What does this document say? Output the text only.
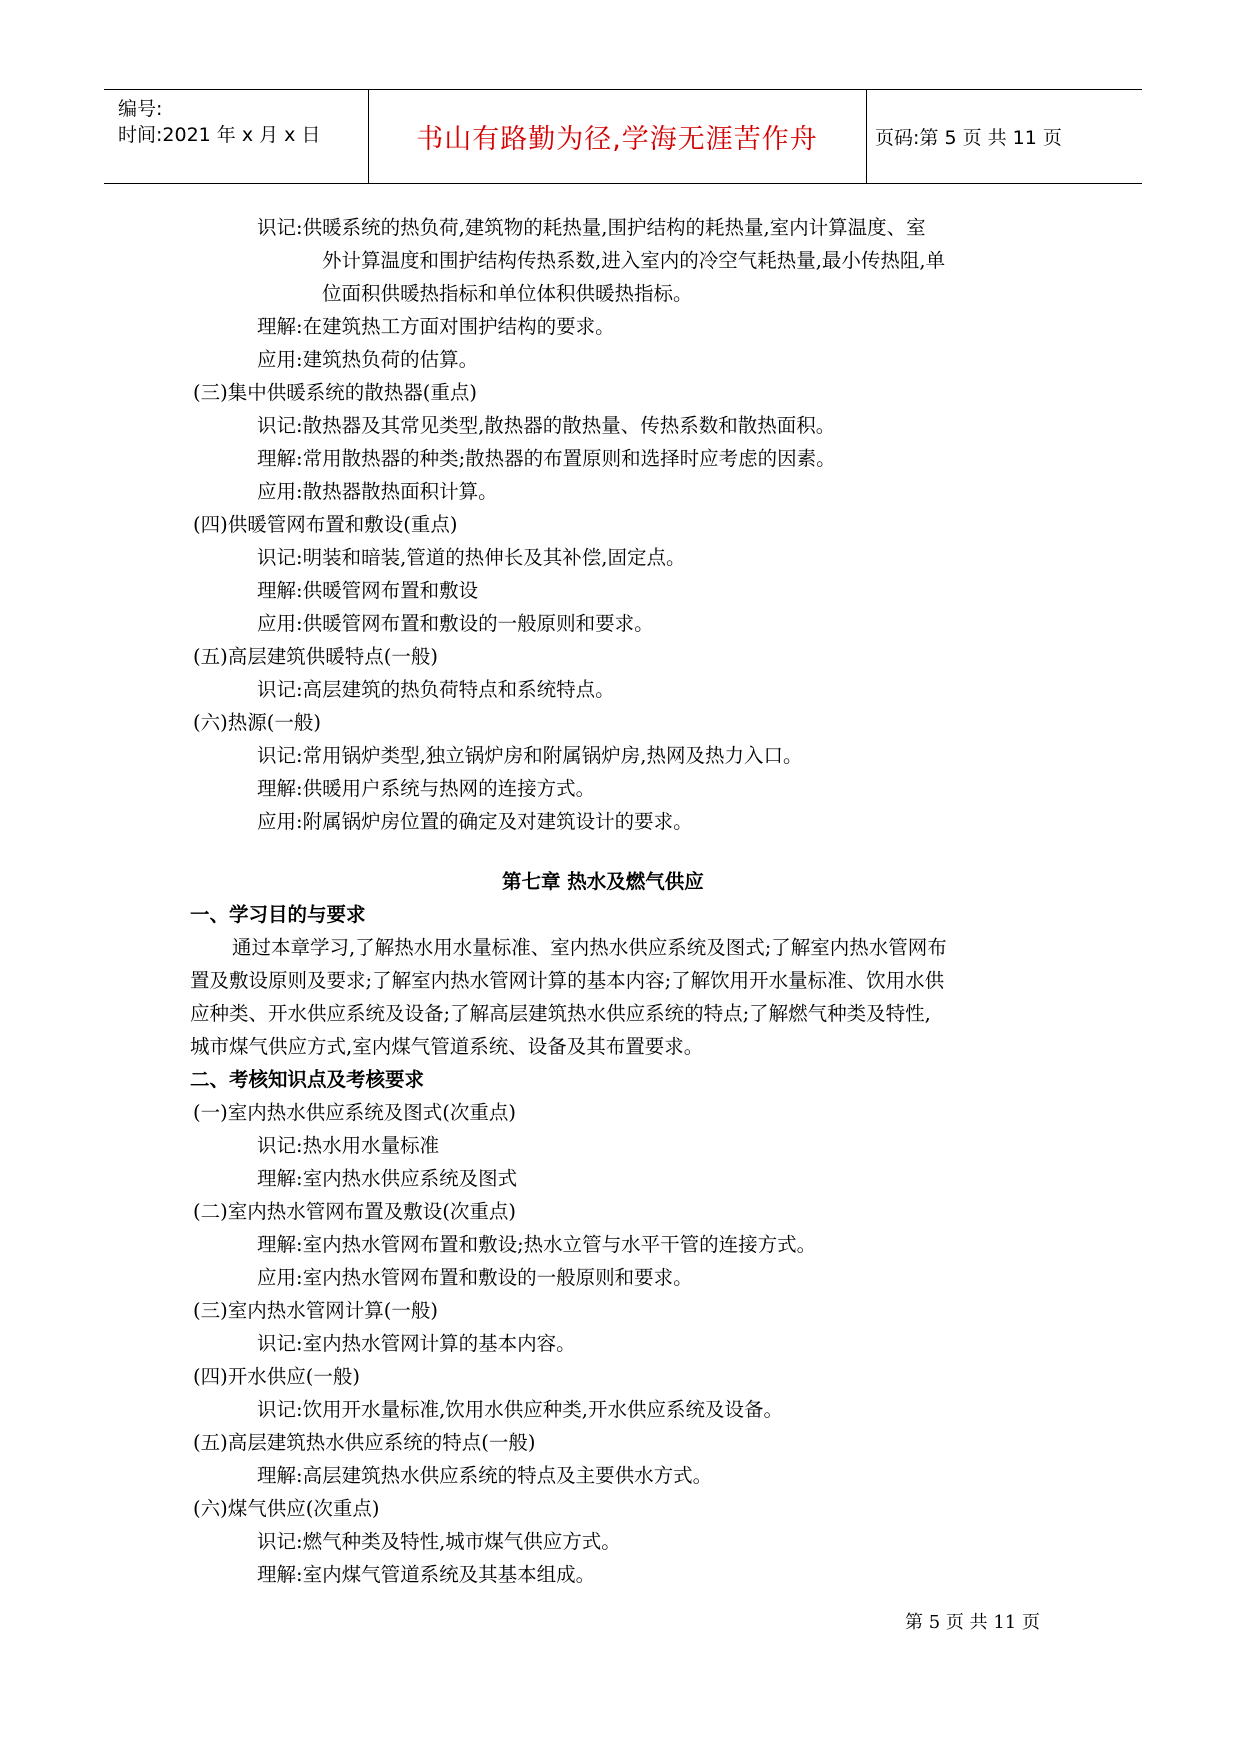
编号:
时间:2021 年 x 月 x 日	书山有路勤为径,学海无涯苦作舟	页码:第 5 页 共 11 页
识记:供暖系统的热负荷,建筑物的耗热量,围护结构的耗热量,室内计算温度、室
外计算温度和围护结构传热系数,进入室内的冷空气耗热量,最小传热阻,单
位面积供暖热指标和单位体积供暖热指标。
理解:在建筑热工方面对围护结构的要求。
应用:建筑热负荷的估算。
(三)集中供暖系统的散热器(重点)
识记:散热器及其常见类型,散热器的散热量、传热系数和散热面积。
理解:常用散热器的种类;散热器的布置原则和选择时应考虑的因素。
应用:散热器散热面积计算。
(四)供暖管网布置和敷设(重点)
识记:明装和暗装,管道的热伸长及其补偿,固定点。
理解:供暖管网布置和敷设
应用:供暖管网布置和敷设的一般原则和要求。
(五)高层建筑供暖特点(一般)
识记:高层建筑的热负荷特点和系统特点。
(六)热源(一般)
识记:常用锅炉类型,独立锅炉房和附属锅炉房,热网及热力入口。
理解:供暖用户系统与热网的连接方式。
应用:附属锅炉房位置的确定及对建筑设计的要求。
第七章 热水及燃气供应
一、学习目的与要求
通过本章学习,了解热水用水量标准、室内热水供应系统及图式;了解室内热水管网布
置及敷设原则及要求;了解室内热水管网计算的基本内容;了解饮用开水量标准、饮用水供
应种类、开水供应系统及设备;了解高层建筑热水供应系统的特点;了解燃气种类及特性,
城市煤气供应方式,室内煤气管道系统、设备及其布置要求。
二、考核知识点及考核要求
(一)室内热水供应系统及图式(次重点)
识记:热水用水量标准
理解:室内热水供应系统及图式
(二)室内热水管网布置及敷设(次重点)
理解:室内热水管网布置和敷设;热水立管与水平干管的连接方式。
应用:室内热水管网布置和敷设的一般原则和要求。
(三)室内热水管网计算(一般)
识记:室内热水管网计算的基本内容。
(四)开水供应(一般)
识记:饮用开水量标准,饮用水供应种类,开水供应系统及设备。
(五)高层建筑热水供应系统的特点(一般)
理解:高层建筑热水供应系统的特点及主要供水方式。
(六)煤气供应(次重点)
识记:燃气种类及特性,城市煤气供应方式。
理解:室内煤气管道系统及其基本组成。
第 5 页 共 11 页
